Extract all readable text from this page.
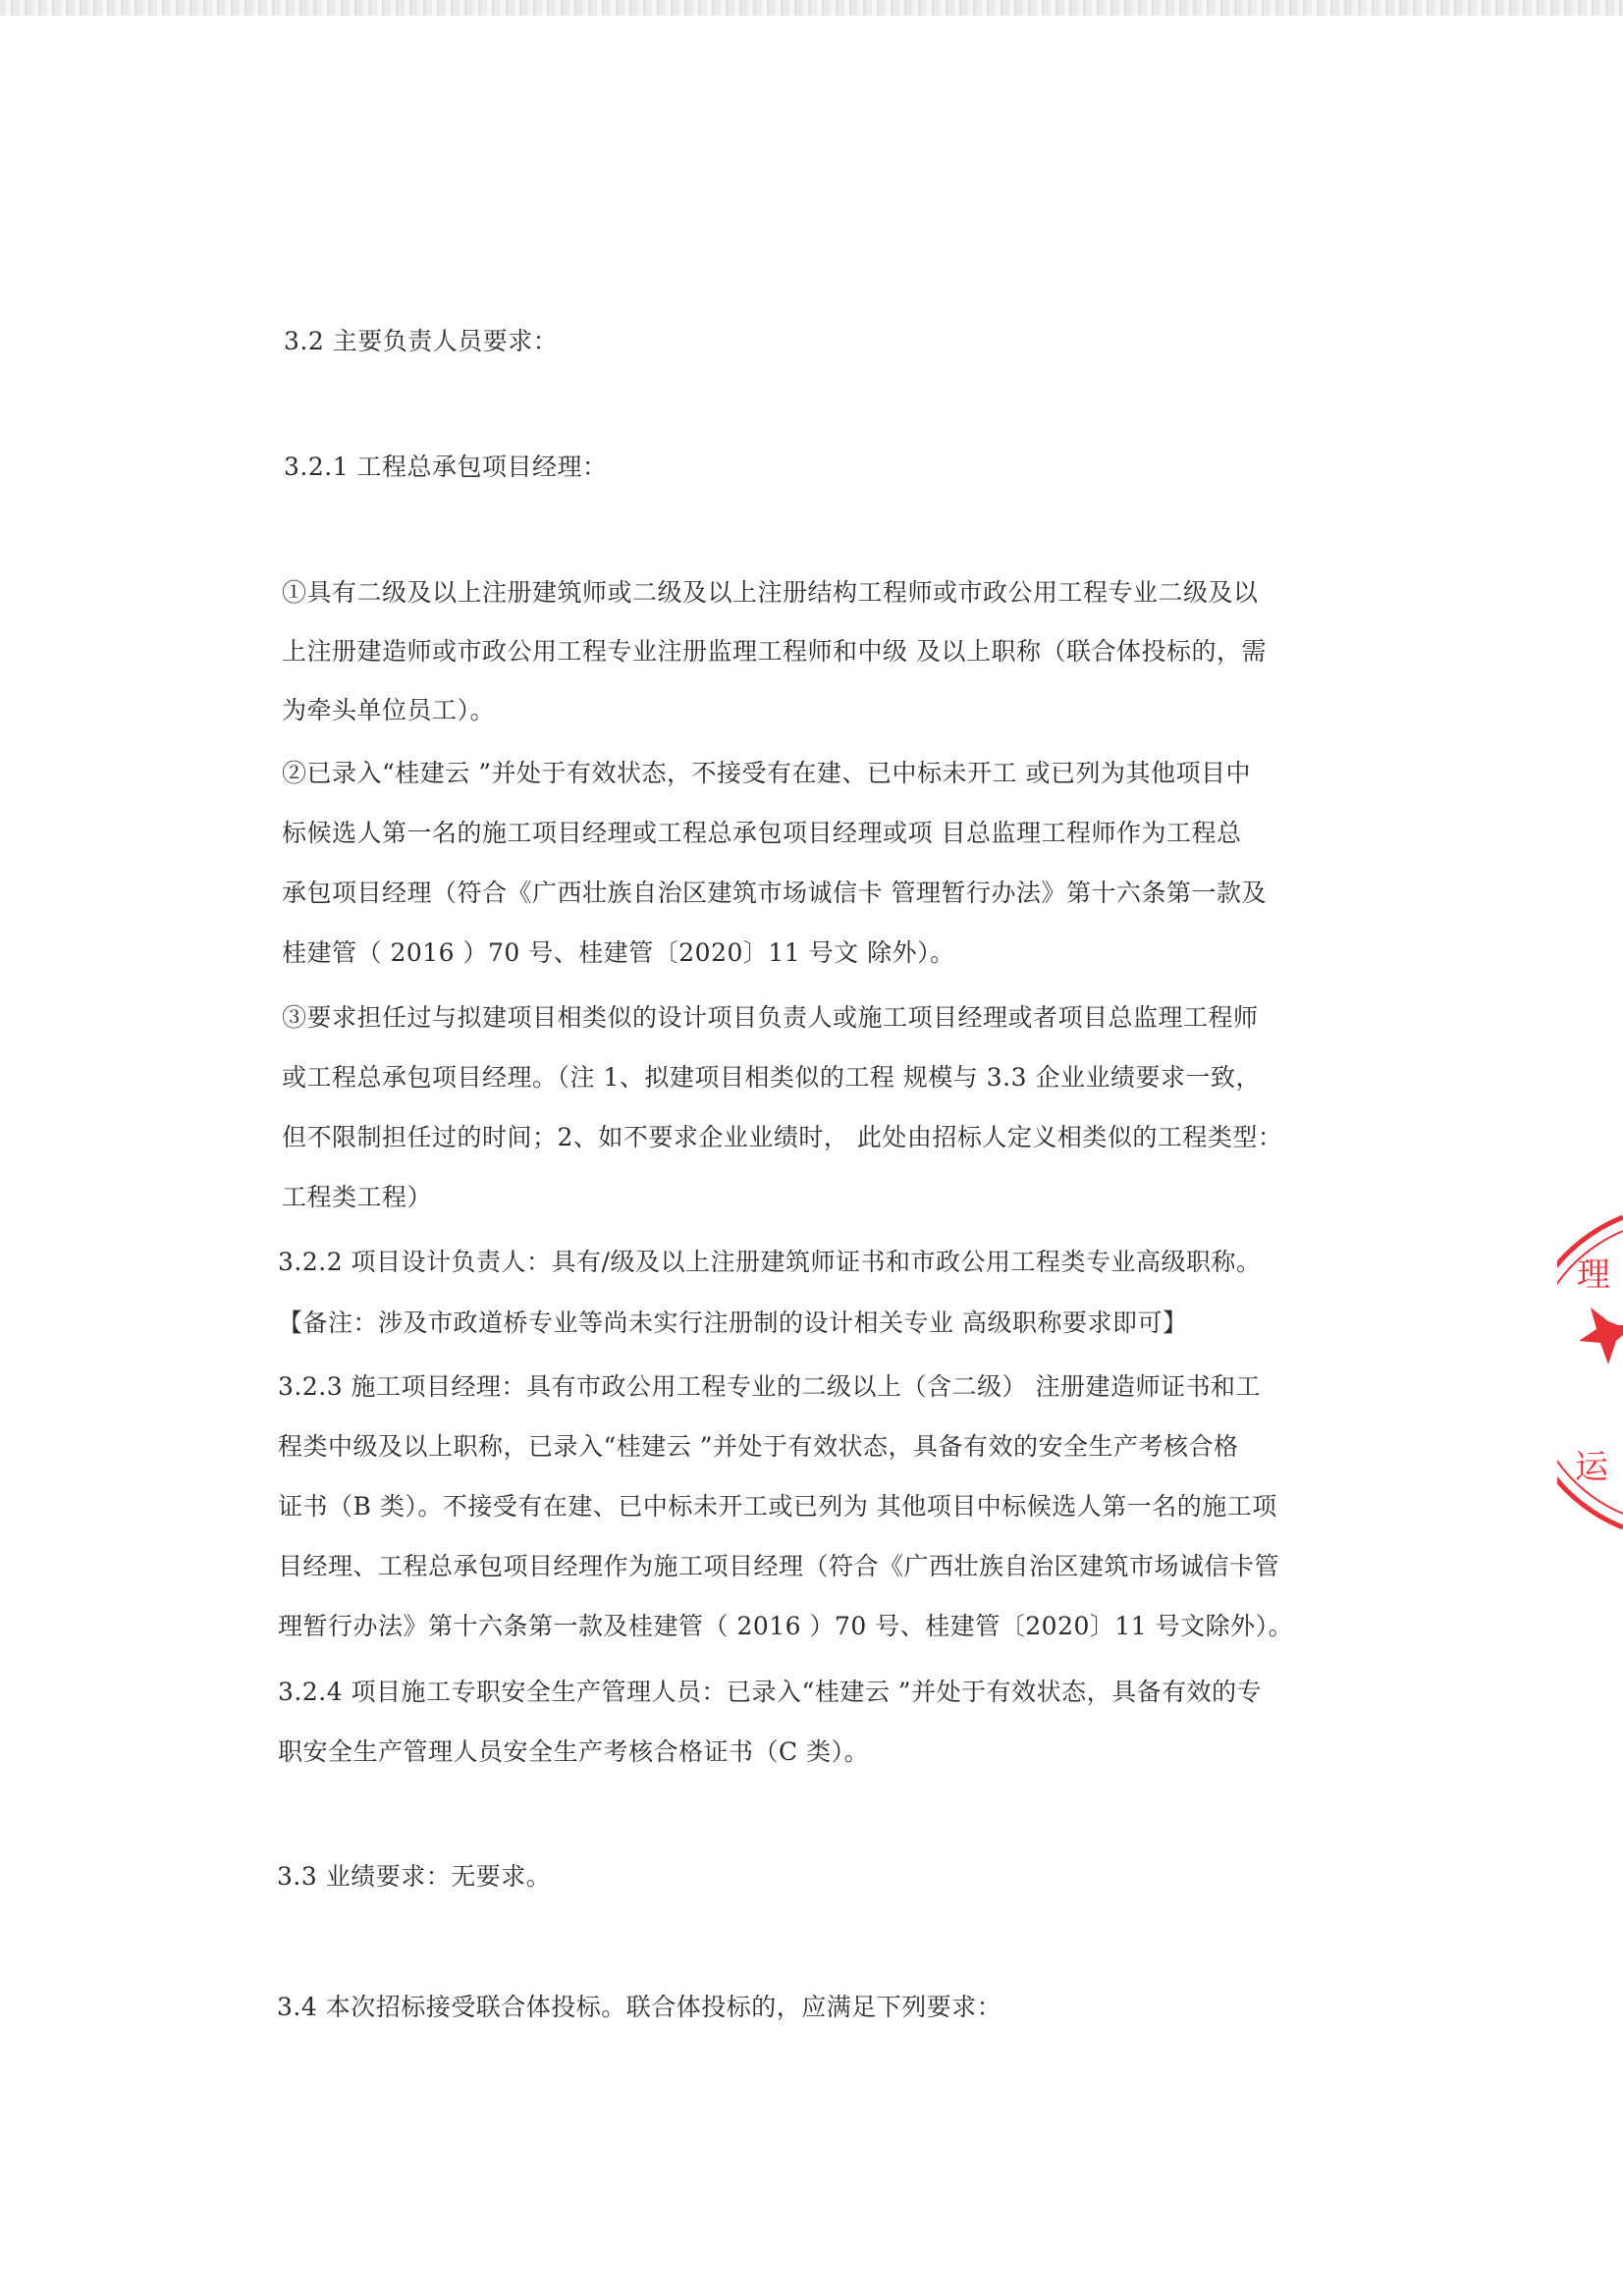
3.2 主要负责人员要求：
3.2.1 工程总承包项目经理：
①具有二级及以上注册建筑师或二级及以上注册结构工程师或市政公用工程专业二级及以
上注册建造师或市政公用工程专业注册监理工程师和中级 及以上职称（联合体投标的，需
为牵头单位员工）。
②已录入“桂建云 ”并处于有效状态，不接受有在建、已中标未开工 或已列为其他项目中
标候选人第一名的施工项目经理或工程总承包项目经理或项 目总监理工程师作为工程总
承包项目经理（符合《广西壮族自治区建筑市场诚信卡 管理暂行办法》第十六条第一款及
桂建管（ 2016 ）70 号、桂建管〔2020〕11 号文 除外）。
③要求担任过与拟建项目相类似的设计项目负责人或施工项目经理或者项目总监理工程师
或工程总承包项目经理。（注 1、拟建项目相类似的工程 规模与 3.3 企业业绩要求一致，
但不限制担任过的时间；2、如不要求企业业绩时， 此处由招标人定义相类似的工程类型：
工程类工程）
3.2.2 项目设计负责人：具有/级及以上注册建筑师证书和市政公用工程类专业高级职称。
【备注：涉及市政道桥专业等尚未实行注册制的设计相关专业 高级职称要求即可】
3.2.3 施工项目经理：具有市政公用工程专业的二级以上（含二级） 注册建造师证书和工
程类中级及以上职称，已录入“桂建云 ”并处于有效状态，具备有效的安全生产考核合格
证书（B 类）。不接受有在建、已中标未开工或已列为 其他项目中标候选人第一名的施工项
目经理、工程总承包项目经理作为施工项目经理（符合《广西壮族自治区建筑市场诚信卡管
理暂行办法》第十六条第一款及桂建管（ 2016 ）70 号、桂建管〔2020〕11 号文除外）。
3.2.4 项目施工专职安全生产管理人员：已录入“桂建云 ”并处于有效状态，具备有效的专
职安全生产管理人员安全生产考核合格证书（C 类）。
3.3 业绩要求：无要求。
3.4 本次招标接受联合体投标。联合体投标的，应满足下列要求：
理
运
